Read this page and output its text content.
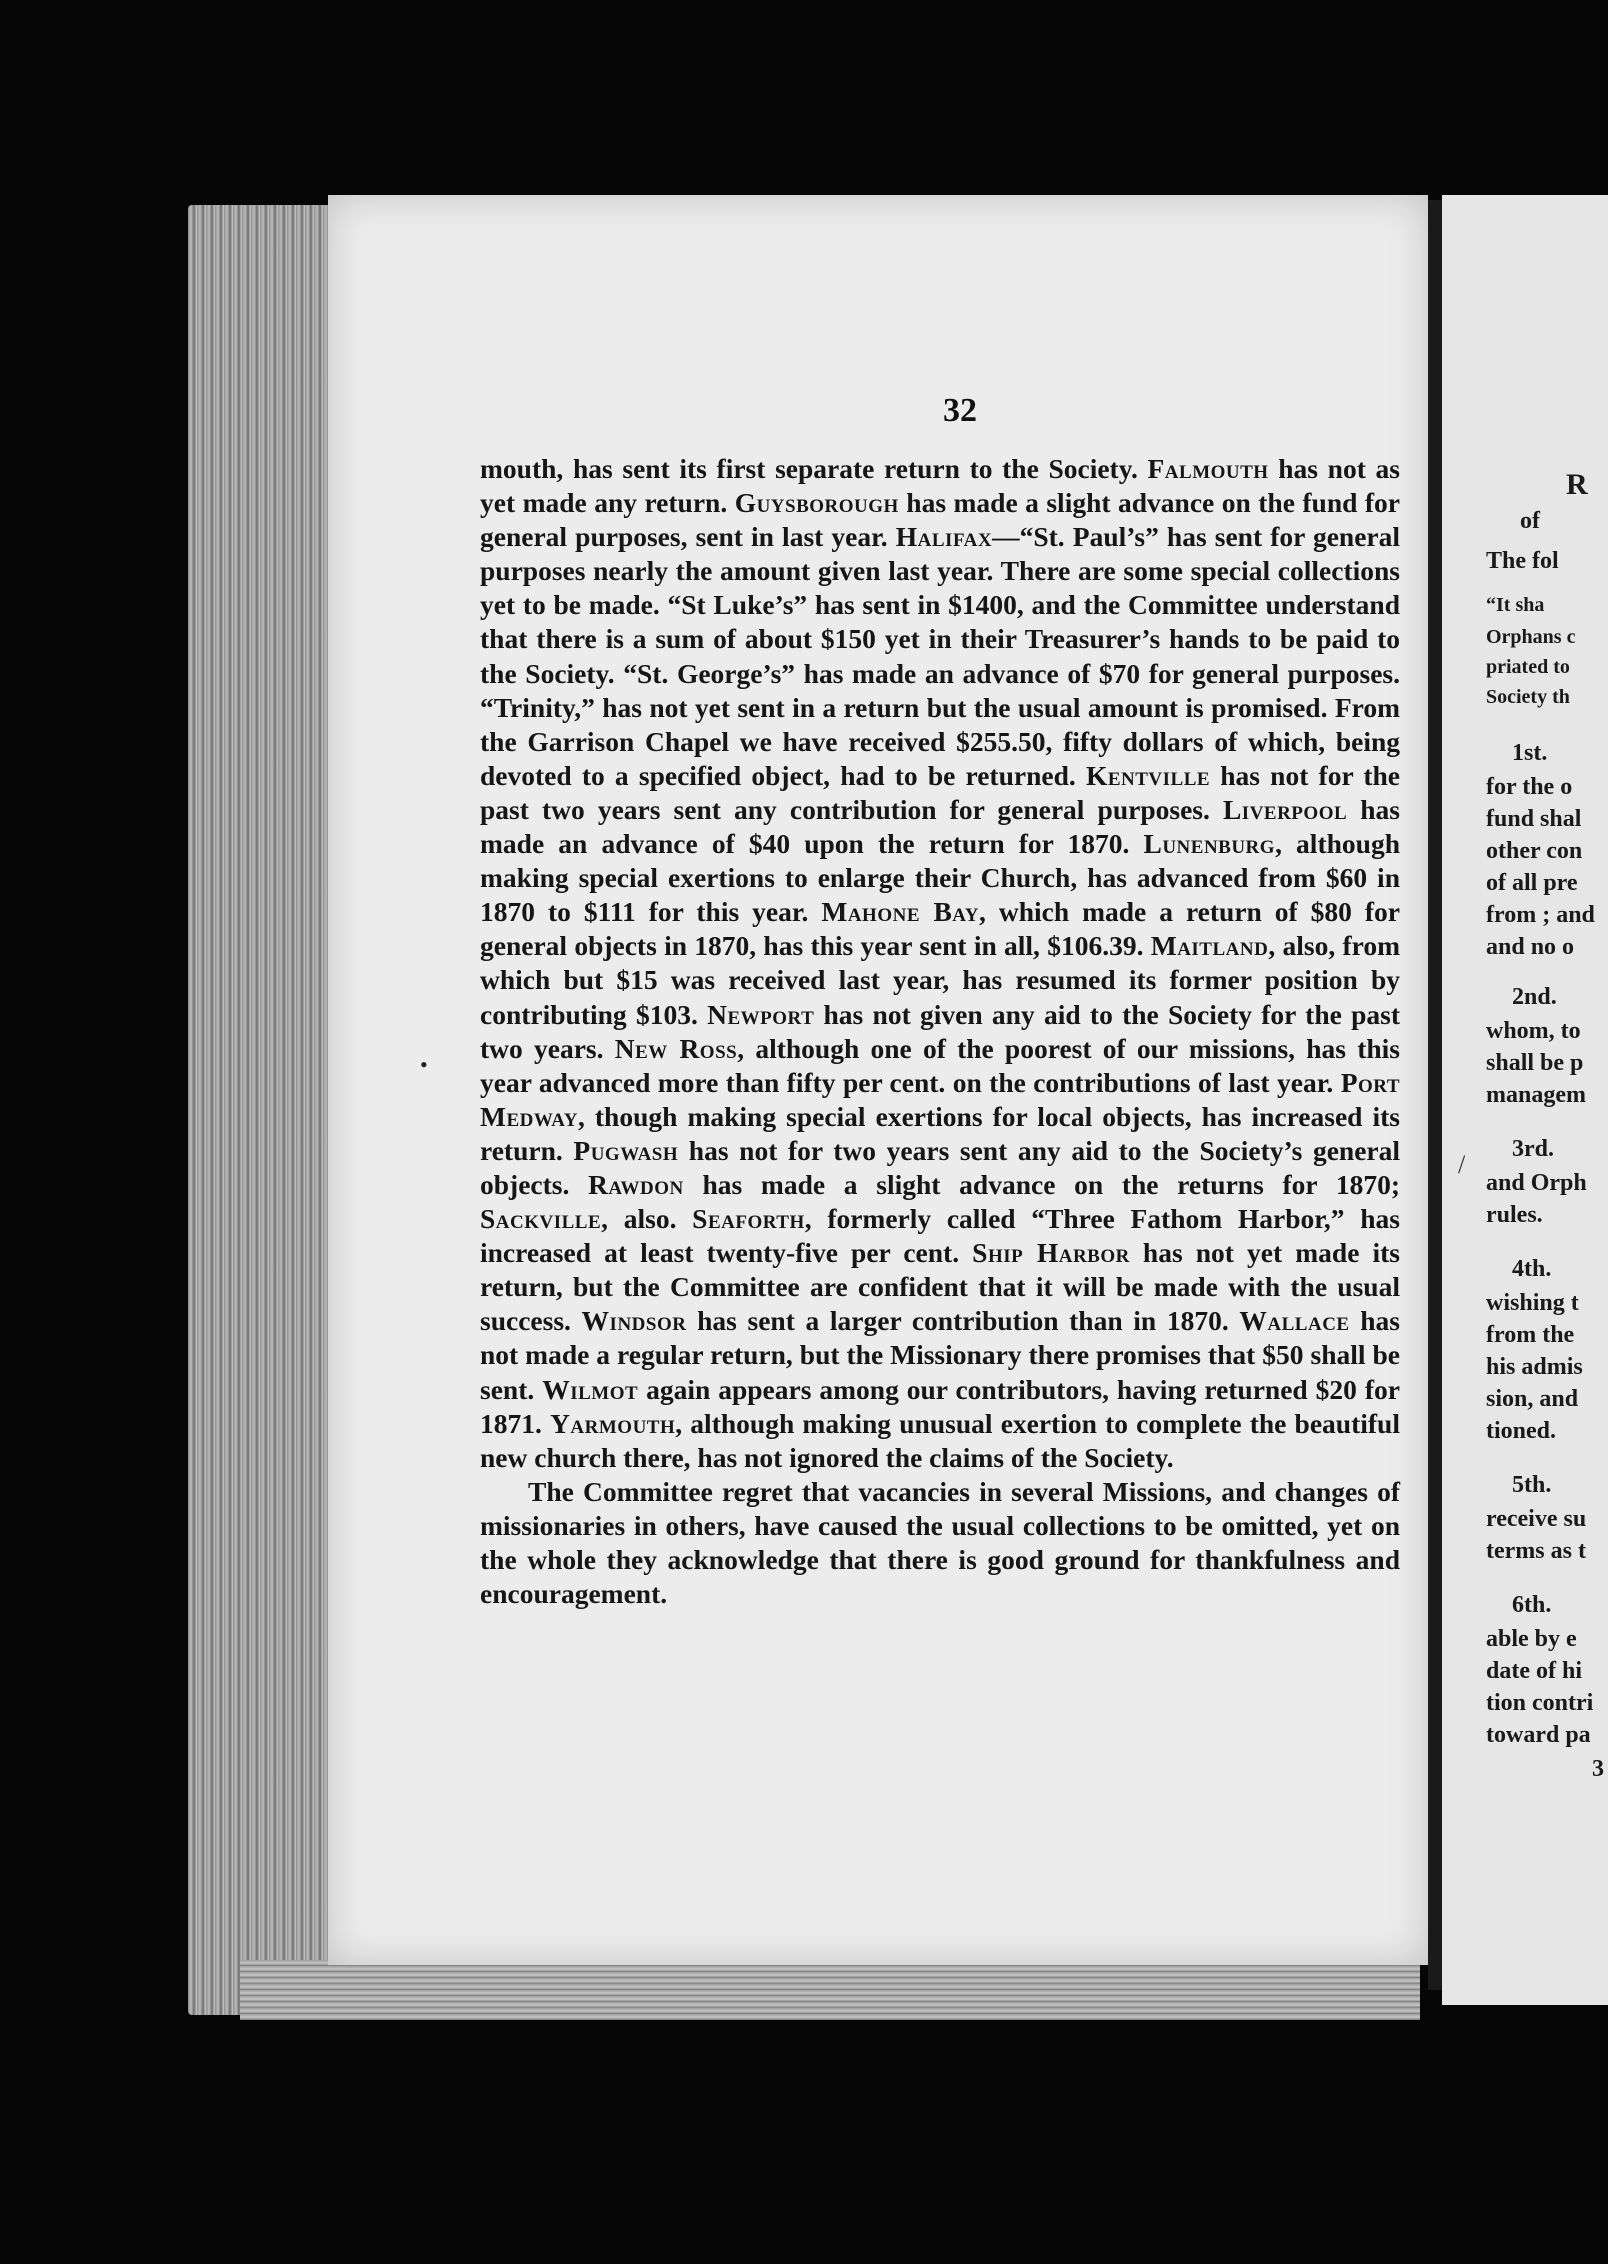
32

mouth, has sent its first separate return to the Society. Falmouth has not as yet made any return. Guysborough has made a slight advance on the fund for general purposes, sent in last year. Halifax—“St. Paul’s” has sent for general purposes nearly the amount given last year. There are some special collections yet to be made. “St Luke’s” has sent in $1400, and the Committee understand that there is a sum of about $150 yet in their Treasurer’s hands to be paid to the Society. “St. George’s” has made an advance of $70 for general purposes. “Trinity,” has not yet sent in a return but the usual amount is promised. From the Garrison Chapel we have received $255.50, fifty dollars of which, being devoted to a specified object, had to be returned. Kentville has not for the past two years sent any contribution for general purposes. Liverpool has made an advance of $40 upon the return for 1870. Lunenburg, although making special exertions to enlarge their Church, has advanced from $60 in 1870 to $111 for this year. Mahone Bay, which made a return of $80 for general objects in 1870, has this year sent in all, $106.39. Maitland, also, from which but $15 was received last year, has resumed its former position by contributing $103. Newport has not given any aid to the Society for the past two years. New Ross, although one of the poorest of our missions, has this year advanced more than fifty per cent. on the contributions of last year. Port Medway, though making special exertions for local objects, has increased its return. Pugwash has not for two years sent any aid to the Society’s general objects. Rawdon has made a slight advance on the returns for 1870; Sackville, also. Seaforth, formerly called “Three Fathom Harbor,” has increased at least twenty-five per cent. Ship Harbor has not yet made its return, but the Committee are confident that it will be made with the usual success. Windsor has sent a larger contribution than in 1870. Wallace has not made a regular return, but the Missionary there promises that $50 shall be sent. Wilmot again appears among our contributors, having returned $20 for 1871. Yarmouth, although making unusual exertion to complete the beautiful new church there, has not ignored the claims of the Society.

The Committee regret that vacancies in several Missions, and changes of missionaries in others, have caused the usual collections to be omitted, yet on the whole they acknowledge that there is good ground for thankfulness and encouragement.

•
/
R
of
The fol
“It sha
Orphans c
priated to
Society th
1st.
for the o
fund shal
other con
of all pre
from ; and
and no o
2nd.
whom, to
shall be p
managem
3rd.
and Orph
rules.
4th.
wishing t
from the
his admis
sion, and
tioned.
5th.
receive su
terms as t
6th.
able by e
date of hi
tion contri
toward pa
3
